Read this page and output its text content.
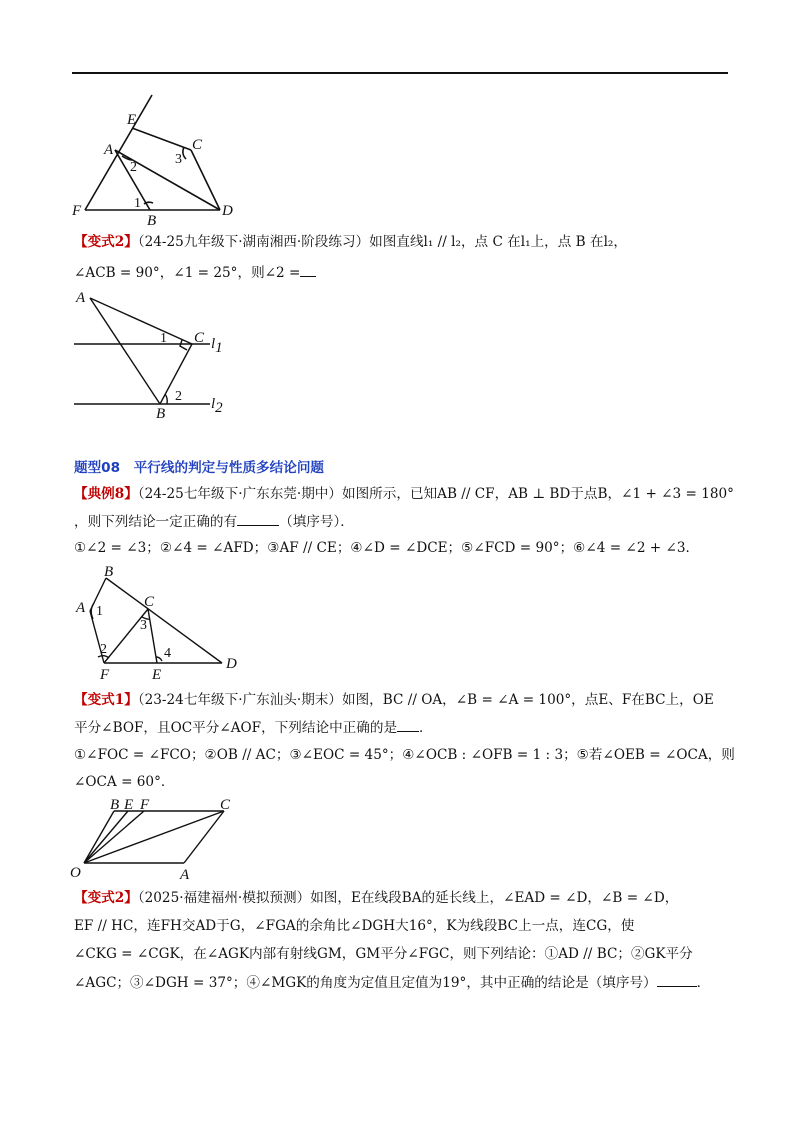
E
C
A
3
2
1
F
B
D
【变式2】（24-25九年级下·湖南湘西·阶段练习）如图直线l₁ // l₂，点 C 在l₁上，点 B 在l₂，
∠ACB = 90°，∠1 = 25°，则∠2 =
A
C
1	l1
2
B
l2
题型08　平行线的判定与性质多结论问题
【典例8】（24-25七年级下·广东东莞·期中）如图所示，已知AB // CF，AB ⊥ BD于点B，∠1 + ∠3 = 180°
，则下列结论一定正确的有	（填序号）．
①∠2 = ∠3；②∠4 = ∠AFD；③AF // CE；④∠D = ∠DCE；⑤∠FCD = 90°；⑥∠4 = ∠2 + ∠3．
B
A 1
C
3
2	4
F	E
D
【变式1】（23-24七年级下·广东汕头·期末）如图，BC // OA，∠B = ∠A = 100°，点E、F在BC上，OE
平分∠BOF，且OC平分∠AOF，下列结论中正确的是 ．
①∠FOC = ∠FCO；②OB // AC；③∠EOC = 45°；④∠OCB : ∠OFB = 1 : 3；⑤若∠OEB = ∠OCA，则
∠OCA = 60°．
B E F	C
O	A
【变式2】（2025·福建福州·模拟预测）如图，E在线段BA的延长线上，∠EAD = ∠D，∠B = ∠D，
EF // HC，连FH交AD于G，∠FGA的余角比∠DGH大16°，K为线段BC上一点，连CG，使
∠CKG = ∠CGK，在∠AGK内部有射线GM，GM平分∠FGC，则下列结论：①AD // BC；②GK平分
∠AGC；③∠DGH = 37°；④∠MGK的角度为定值且定值为19°，其中正确的结论是（填序号）	．
